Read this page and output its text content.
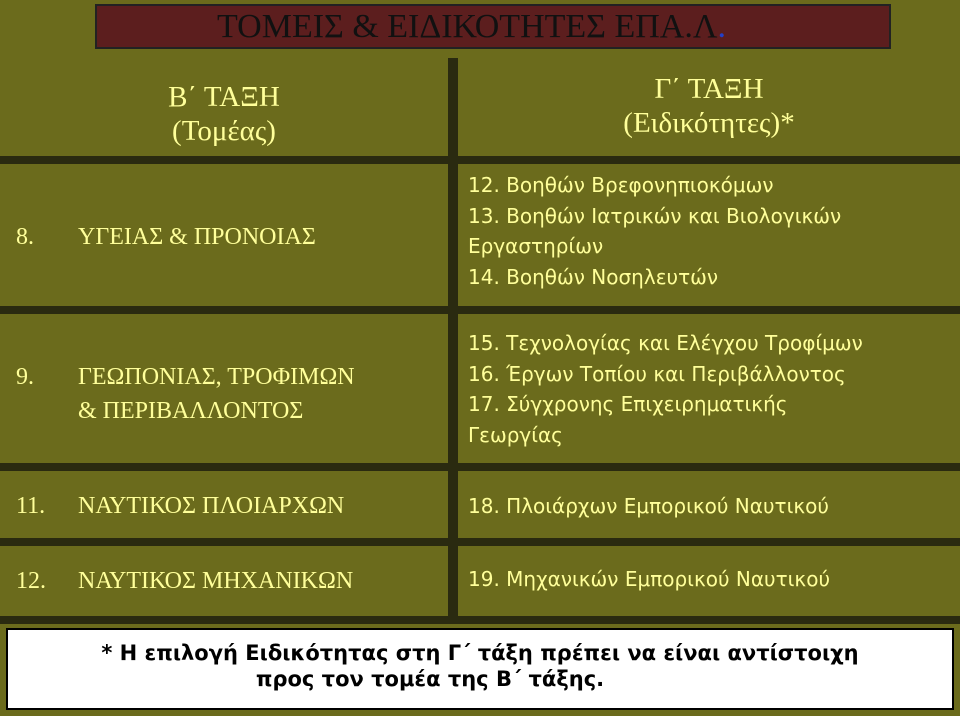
ΤΟΜΕΙΣ & ΕΙΔΙΚΟΤΗΤΕΣ ΕΠΑ.Λ.
Β΄ ΤΑΞΗ
(Τομέας)
Γ΄ ΤΑΞΗ
(Ειδικότητες)*
8. ΥΓΕΙΑΣ & ΠΡΟΝΟΙΑΣ
12. Βοηθών Βρεφονηπιοκόμων
13. Βοηθών Ιατρικών και Βιολογικών
Εργαστηρίων
14. Βοηθών Νοσηλευτών
9. ΓΕΩΠΟΝΙΑΣ, ΤΡΟΦΙΜΩΝ
& ΠΕΡΙΒΑΛΛΟΝΤΟΣ
15. Τεχνολογίας και Ελέγχου Τροφίμων
16. Έργων Τοπίου και Περιβάλλοντος
17. Σύγχρονης Επιχειρηματικής
Γεωργίας
11. ΝΑΥΤΙΚΟΣ ΠΛΟΙΑΡΧΩΝ	18. Πλοιάρχων Εμπορικού Ναυτικού
12. ΝΑΥΤΙΚΟΣ ΜΗΧΑΝΙΚΩΝ	19. Μηχανικών Εμπορικού Ναυτικού
* Η επιλογή Ειδικότητας στη Γ΄ τάξη πρέπει να είναι αντίστοιχη
προς τον τομέα της Β΄ τάξης.
